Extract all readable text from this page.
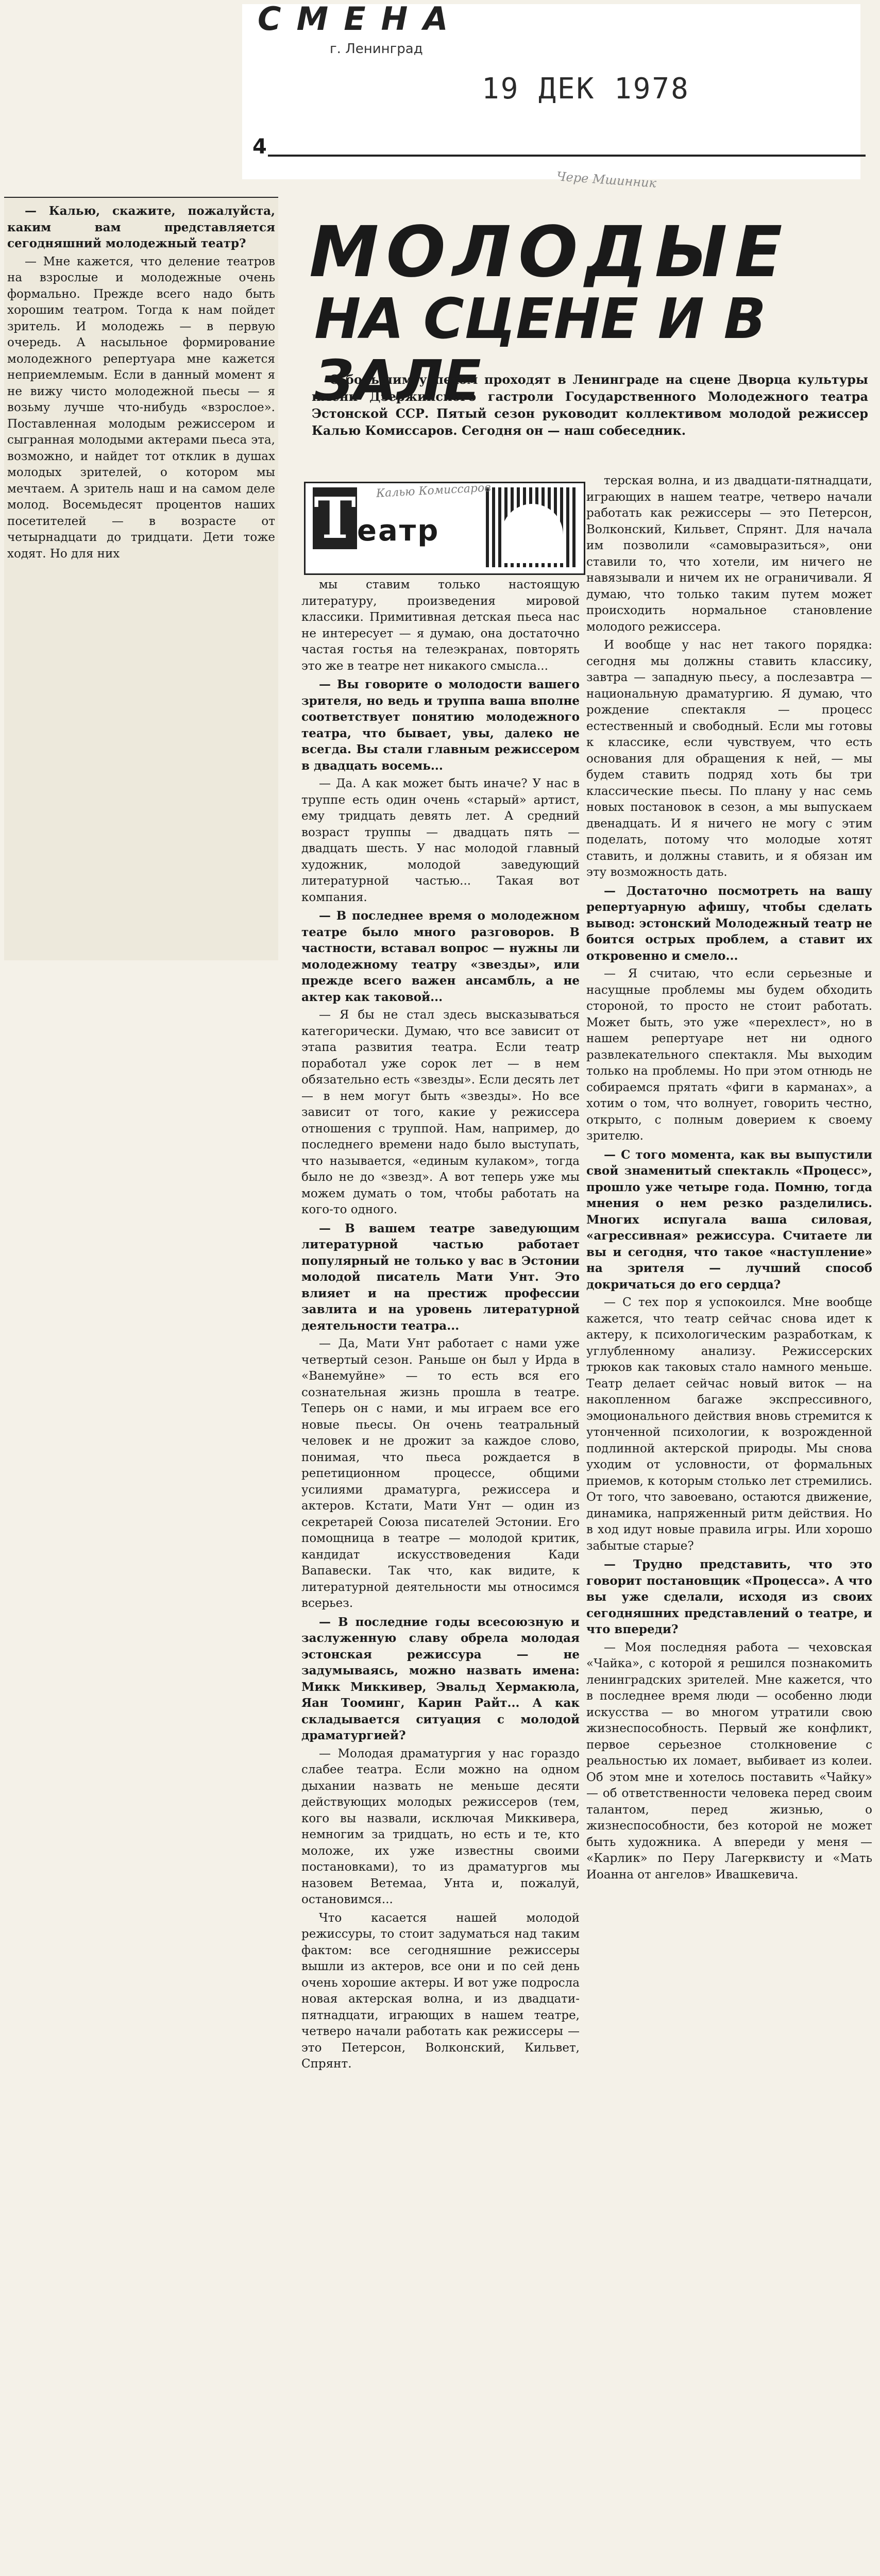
СМЕНА
г. Ленинград
19 ДЕК 1978
4
Чере Мшинник
МОЛОДЫЕ
НА СЦЕНЕ И В ЗАЛЕ
С большим успехом проходят в Ленинграде на сцене Дворца культуры имени Дзержинского гастроли Государственного Молодежного театра Эстонской ССР. Пятый сезон руководит коллективом молодой режиссер Калью Комиссаров. Сегодня он — наш собеседник.
Т еатр
Калью Комиссаров

— Калью, скажите, пожалуйста, каким вам представляется сегодняшний молодежный театр?

— Мне кажется, что деление театров на взрослые и молодежные очень формально. Прежде всего надо быть хорошим театром. Тогда к нам пойдет зритель. И молодежь — в первую очередь. А насыльное формирование молодежного репертуара мне кажется неприемлемым. Если в данный момент я не вижу чисто молодежной пьесы — я возьму лучше что-нибудь «взрослое». Поставленная молодым режиссером и сыгранная молодыми актерами пьеса эта, возможно, и найдет тот отклик в душах молодых зрителей, о котором мы мечтаем. А зритель наш и на самом деле молод. Восемьдесят процентов наших посетителей — в возрасте от четырнадцати до тридцати. Дети тоже ходят. Но для них

мы ставим только настоящую литературу, произведения мировой классики. Примитивная детская пьеса нас не интересует — я думаю, она достаточно частая гостья на телеэкранах, повторять это же в театре нет никакого смысла...

— Вы говорите о молодости вашего зрителя, но ведь и труппа ваша вполне соответствует понятию молодежного театра, что бывает, увы, далеко не всегда. Вы стали главным режиссером в двадцать восемь...

— Да. А как может быть иначе? У нас в труппе есть один очень «старый» артист, ему тридцать девять лет. А средний возраст труппы — двадцать пять — двадцать шесть. У нас молодой главный художник, молодой заведующий литературной частью... Такая вот компания.

— В последнее время о молодежном театре было много разговоров. В частности, вставал вопрос — нужны ли молодежному театру «звезды», или прежде всего важен ансамбль, а не актер как таковой...

— Я бы не стал здесь высказываться категорически. Думаю, что все зависит от этапа развития театра. Если театр поработал уже сорок лет — в нем обязательно есть «звезды». Если десять лет — в нем могут быть «звезды». Но все зависит от того, какие у режиссера отношения с труппой. Нам, например, до последнего времени надо было выступать, что называется, «единым кулаком», тогда было не до «звезд». А вот теперь уже мы можем думать о том, чтобы работать на кого-то одного.

— В вашем театре заведующим литературной частью работает популярный не только у вас в Эстонии молодой писатель Мати Унт. Это влияет и на престиж профессии завлита и на уровень литературной деятельности театра...

— Да, Мати Унт работает с нами уже четвертый сезон. Раньше он был у Ирда в «Ванемуйне» — то есть вся его сознательная жизнь прошла в театре. Теперь он с нами, и мы играем все его новые пьесы. Он очень театральный человек и не дрожит за каждое слово, понимая, что пьеса рождается в репетиционном процессе, общими усилиями драматурга, режиссера и актеров. Кстати, Мати Унт — один из секретарей Союза писателей Эстонии. Его помощница в театре — молодой критик, кандидат искусствоведения Кади Вапавески. Так что, как видите, к литературной деятельности мы относимся всерьез.

— В последние годы всесоюзную и заслуженную славу обрела молодая эстонская режиссура — не задумываясь, можно назвать имена: Микк Миккивер, Эвальд Хермакюла, Яан Тооминг, Карин Райт... А как складывается ситуация с молодой драматургией?

— Молодая драматургия у нас гораздо слабее театра. Если можно на одном дыхании назвать не меньше десяти действующих молодых режиссеров (тем, кого вы назвали, исключая Миккивера, немногим за тридцать, но есть и те, кто моложе, их уже известны своими постановками), то из драматургов мы назовем Ветемаа, Унта и, пожалуй, остановимся...

Что касается нашей молодой режиссуры, то стоит задуматься над таким фактом: все сегодняшние режиссеры вышли из актеров, все они и по сей день очень хорошие актеры. И вот уже подросла новая актерская волна, и из двадцати-пятнадцати, играющих в нашем театре, четверо начали работать как режиссеры — это Петерсон, Волконский, Кильвет, Спрянт.

терская волна, и из двадцати-пятнадцати, играющих в нашем театре, четверо начали работать как режиссеры — это Петерсон, Волконский, Кильвет, Спрянт. Для начала им позволили «самовыразиться», они ставили то, что хотели, им ничего не навязывали и ничем их не ограничивали. Я думаю, что только таким путем может происходить нормальное становление молодого режиссера.

И вообще у нас нет такого порядка: сегодня мы должны ставить классику, завтра — западную пьесу, а послезавтра — национальную драматургию. Я думаю, что рождение спектакля — процесс естественный и свободный. Если мы готовы к классике, если чувствуем, что есть основания для обращения к ней, — мы будем ставить подряд хоть бы три классические пьесы. По плану у нас семь новых постановок в сезон, а мы выпускаем двенадцать. И я ничего не могу с этим поделать, потому что молодые хотят ставить, и должны ставить, и я обязан им эту возможность дать.

— Достаточно посмотреть на вашу репертуарную афишу, чтобы сделать вывод: эстонский Молодежный театр не боится острых проблем, а ставит их откровенно и смело...

— Я считаю, что если серьезные и насущные проблемы мы будем обходить стороной, то просто не стоит работать. Может быть, это уже «перехлест», но в нашем репертуаре нет ни одного развлекательного спектакля. Мы выходим только на проблемы. Но при этом отнюдь не собираемся прятать «фиги в карманах», а хотим о том, что волнует, говорить честно, открыто, с полным доверием к своему зрителю.

— С того момента, как вы выпустили свой знаменитый спектакль «Процесс», прошло уже четыре года. Помню, тогда мнения о нем резко разделились. Многих испугала ваша силовая, «агрессивная» режиссура. Считаете ли вы и сегодня, что такое «наступление» на зрителя — лучший способ докричаться до его сердца?

— С тех пор я успокоился. Мне вообще кажется, что театр сейчас снова идет к актеру, к психологическим разработкам, к углубленному анализу. Режиссерских трюков как таковых стало намного меньше. Театр делает сейчас новый виток — на накопленном багаже экспрессивного, эмоционального действия вновь стремится к утонченной психологии, к возрожденной подлинной актерской природы. Мы снова уходим от условности, от формальных приемов, к которым столько лет стремились. От того, что завоевано, остаются движение, динамика, напряженный ритм действия. Но в ход идут новые правила игры. Или хорошо забытые старые?

— Трудно представить, что это говорит постановщик «Процесса». А что вы уже сделали, исходя из своих сегодняшних представлений о театре, и что впереди?

— Моя последняя работа — чеховская «Чайка», с которой я решился познакомить ленинградских зрителей. Мне кажется, что в последнее время люди — особенно люди искусства — во многом утратили свою жизнеспособность. Первый же конфликт, первое серьезное столкновение с реальностью их ломает, выбивает из колеи. Об этом мне и хотелось поставить «Чайку» — об ответственности человека перед своим талантом, перед жизнью, о жизнеспособности, без которой не может быть художника. А впереди у меня — «Карлик» по Перу Лагерквисту и «Мать Иоанна от ангелов» Ивашкевича.
